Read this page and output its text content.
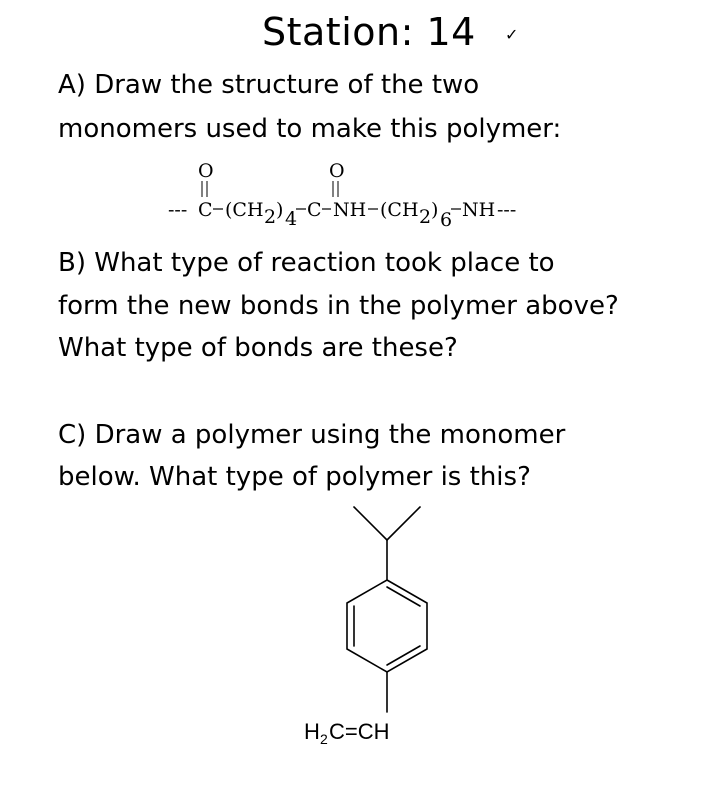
Station: 14 ✓

A) Draw the structure of the two
monomers used to make this polymer:

--- C
O
(CH 2 ) 4 C
O
NH (CH 2 ) 6 NH ---
H 2 C=CH

B) What type of reaction took place to
form the new bonds in the polymer above?
What type of bonds are these?

C) Draw a polymer using the monomer
below. What type of polymer is this?
